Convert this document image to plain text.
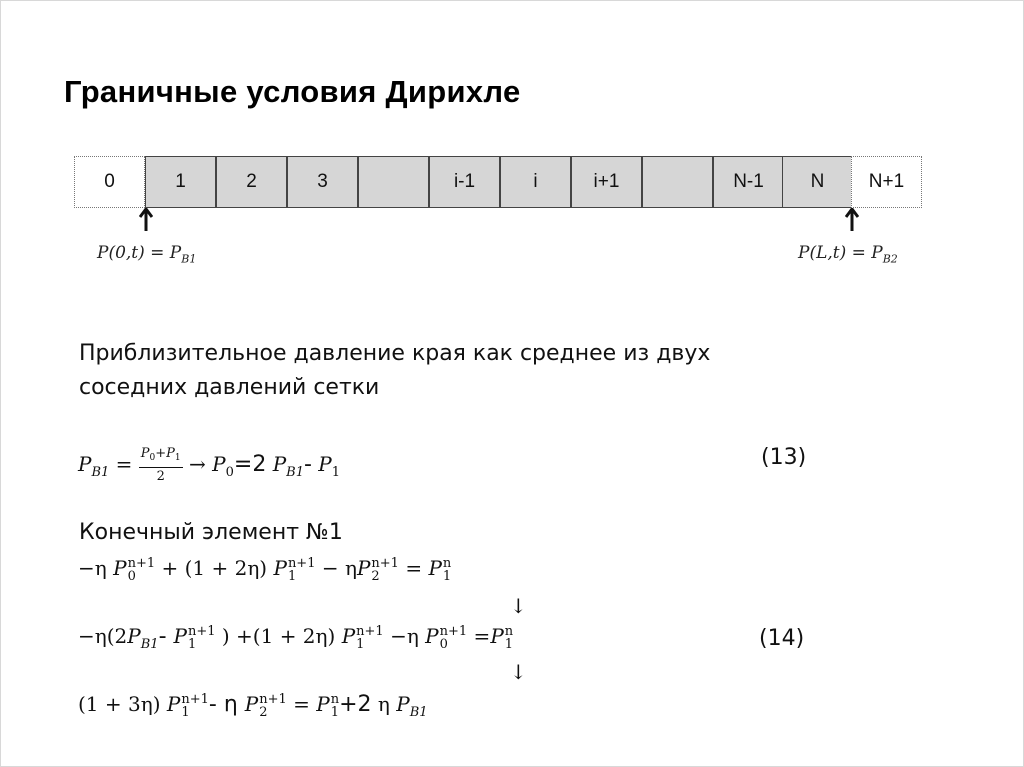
Граничные условия Дирихле
0	1	2	3	i-1	i	i+1	N-1	N	N+1
$P(0,t) = P_{B1}$	$P(L,t) = P_{B2}$
Приблизительное давление края как среднее из двух
соседних давлений сетки
$P_{B1} = \frac{P_0+P_1}{2} \to P_0=2$ $P_{B1}-$ $P_1$
(13)
Конечный элемент №1
−η P n+1
0	+ (1 + 2η) P n+1
1	− ηP n+1
2	= P n
1
↓
$-\eta(2P_{B1}-$ P n+1
1	) +(1 + 2η) P n+1
1	−η P n+1
0	=P n
1	(14)
↓
(1 + 3η) P n+1
1 - η P n+1
2	= P n
1 +2 η $P_{B1}$
